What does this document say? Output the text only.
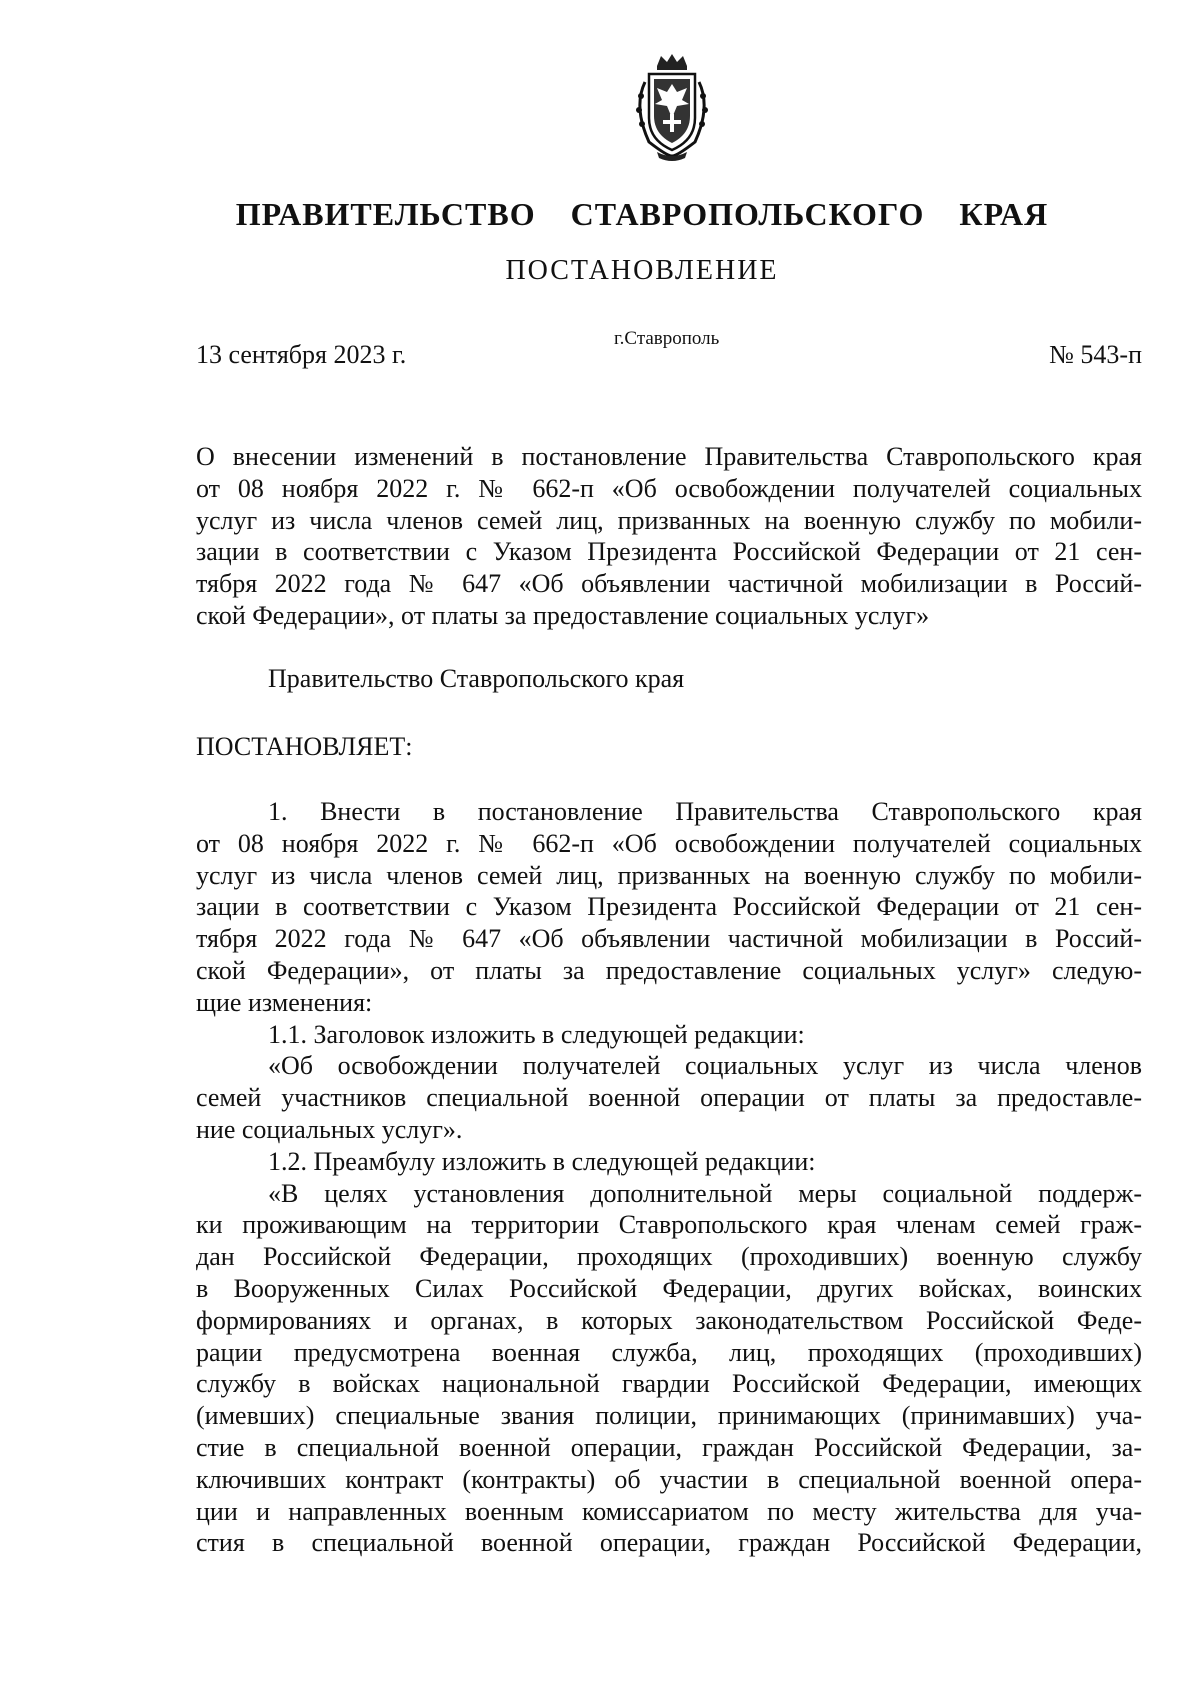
ПРАВИТЕЛЬСТВО СТАВРОПОЛЬСКОГО КРАЯ
ПОСТАНОВЛЕНИЕ
13 сентября 2023 г.
г.Ставрополь
№ 543-п
О внесении изменений в постановление Правительства Ставропольского края
от 08 ноября 2022 г. № 662-п «Об освобождении получателей социальных
услуг из числа членов семей лиц, призванных на военную службу по мобили-
зации в соответствии с Указом Президента Российской Федерации от 21 сен-
тября 2022 года № 647 «Об объявлении частичной мобилизации в Россий-
ской Федерации», от платы за предоставление социальных услуг»
Правительство Ставропольского края
ПОСТАНОВЛЯЕТ:
1. Внести в постановление Правительства Ставропольского края
от 08 ноября 2022 г. № 662-п «Об освобождении получателей социальных
услуг из числа членов семей лиц, призванных на военную службу по мобили-
зации в соответствии с Указом Президента Российской Федерации от 21 сен-
тября 2022 года № 647 «Об объявлении частичной мобилизации в Россий-
ской Федерации», от платы за предоставление социальных услуг» следую-
щие изменения:
1.1. Заголовок изложить в следующей редакции:
«Об освобождении получателей социальных услуг из числа членов
семей участников специальной военной операции от платы за предоставле-
ние социальных услуг».
1.2. Преамбулу изложить в следующей редакции:
«В целях установления дополнительной меры социальной поддерж-
ки проживающим на территории Ставропольского края членам семей граж-
дан Российской Федерации, проходящих (проходивших) военную службу
в Вооруженных Силах Российской Федерации, других войсках, воинских
формированиях и органах, в которых законодательством Российской Феде-
рации предусмотрена военная служба, лиц, проходящих (проходивших)
службу в войсках национальной гвардии Российской Федерации, имеющих
(имевших) специальные звания полиции, принимающих (принимавших) уча-
стие в специальной военной операции, граждан Российской Федерации, за-
ключивших контракт (контракты) об участии в специальной военной опера-
ции и направленных военным комиссариатом по месту жительства для уча-
стия в специальной военной операции, граждан Российской Федерации,
